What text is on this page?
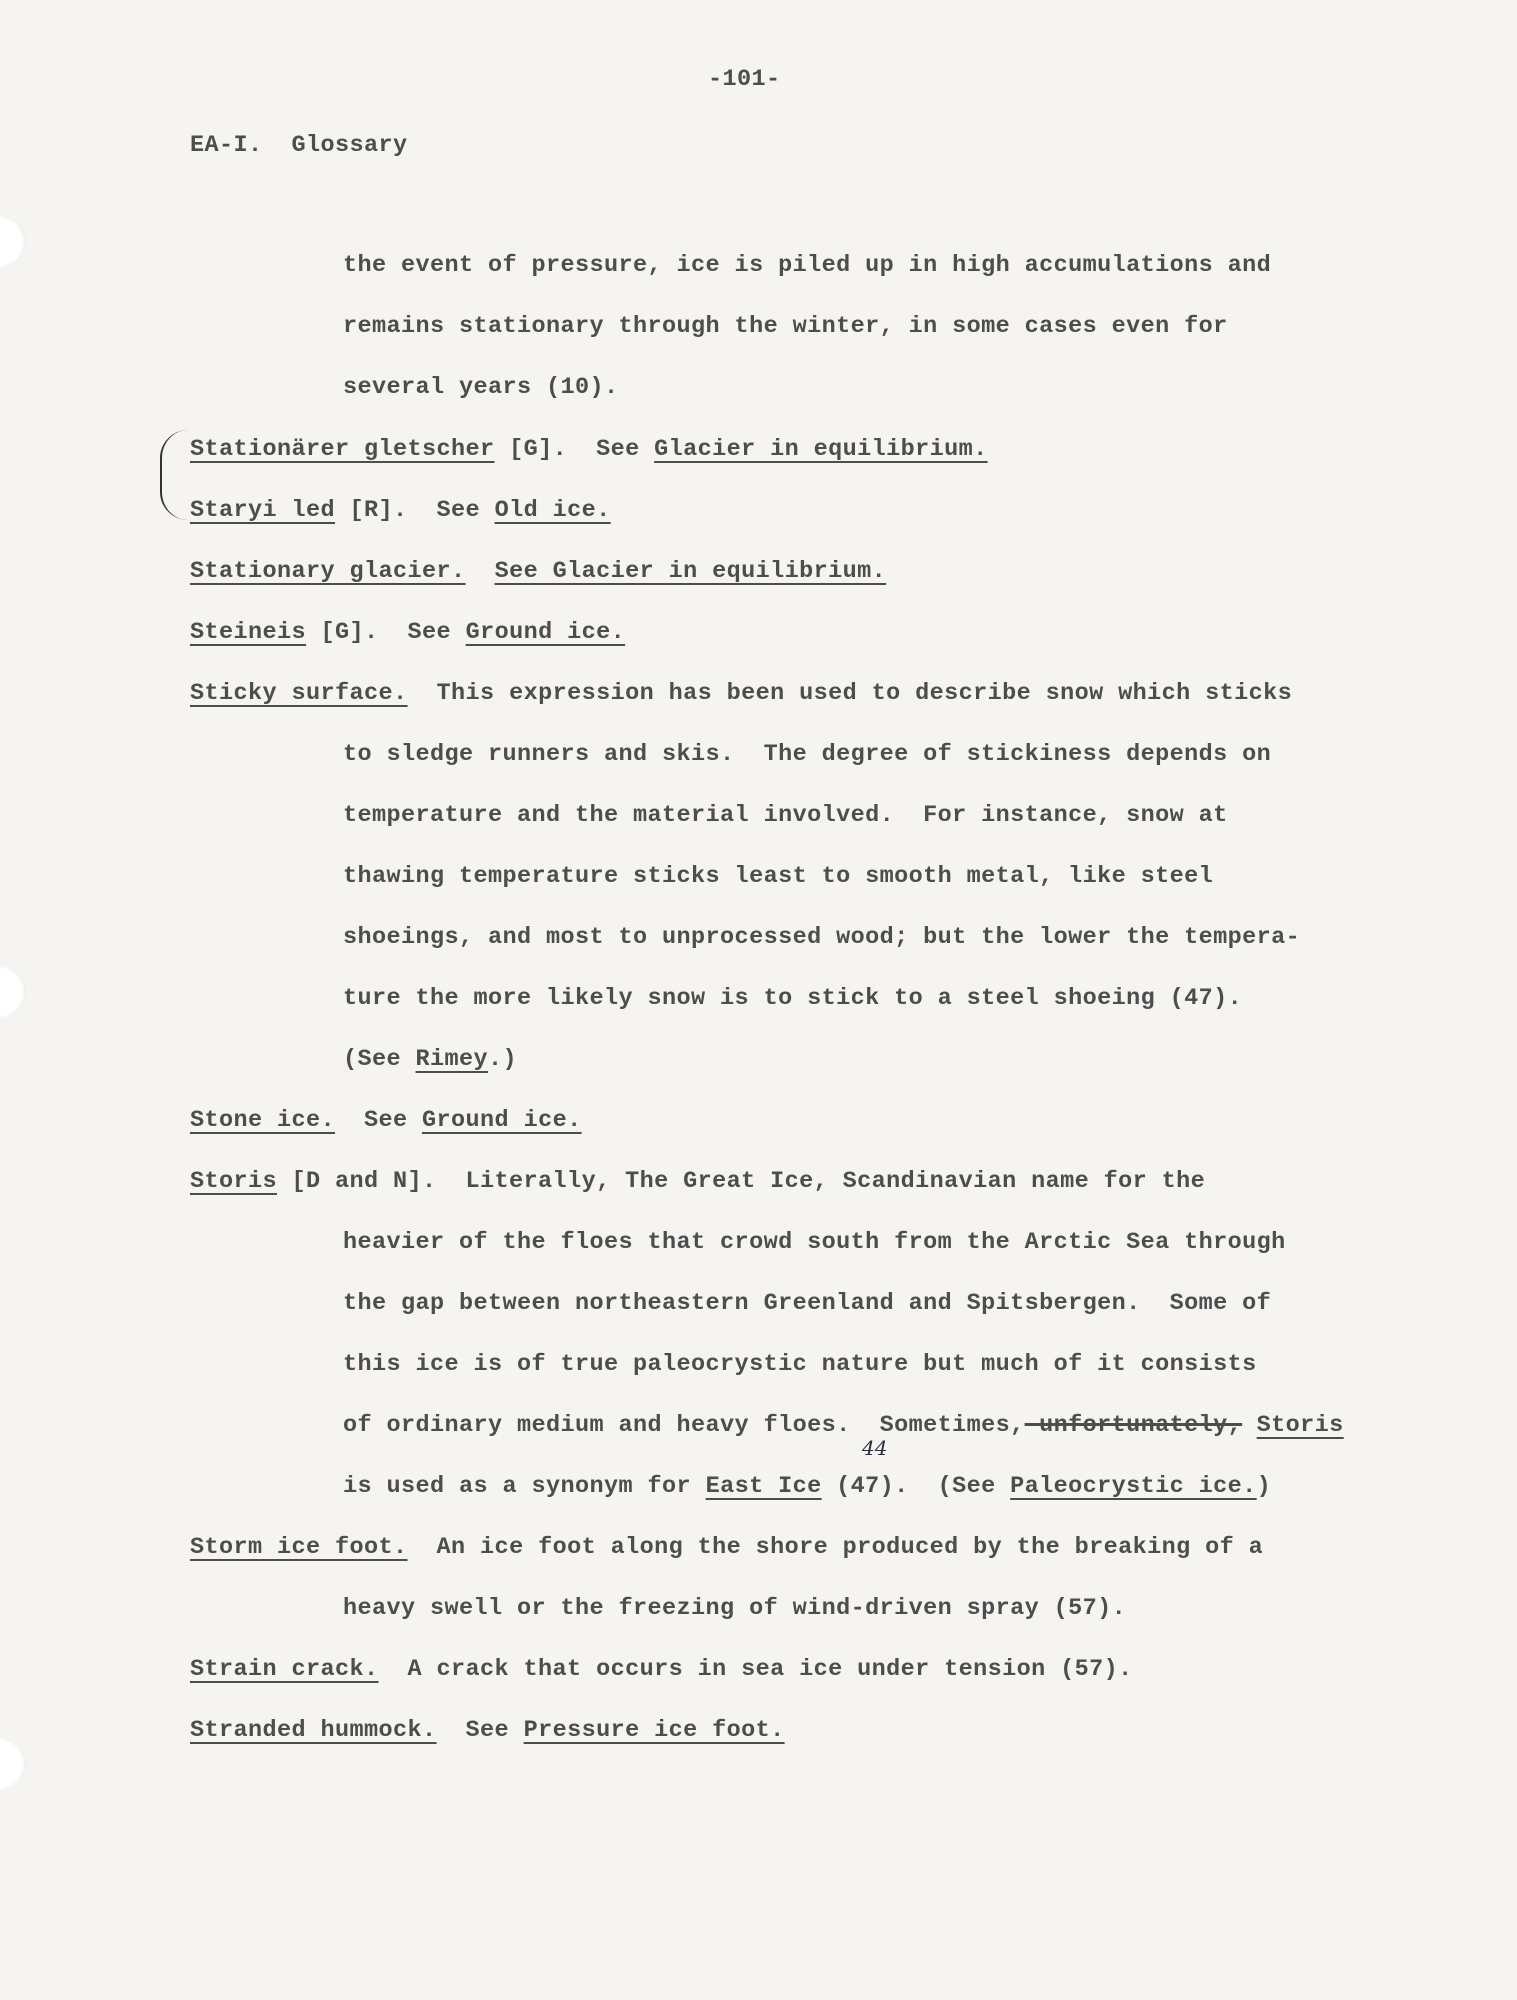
-101-
EA-I.  Glossary
the event of pressure, ice is piled up in high accumulations and
remains stationary through the winter, in some cases even for
several years (10).
Stationärer gletscher [G].  See Glacier in equilibrium.
Staryi led [R].  See Old ice.
Stationary glacier. See Glacier in equilibrium.
Steineis [G].  See Ground ice.
Sticky surface.  This expression has been used to describe snow which sticks
to sledge runners and skis.  The degree of stickiness depends on
temperature and the material involved.  For instance, snow at
thawing temperature sticks least to smooth metal, like steel
shoeings, and most to unprocessed wood; but the lower the tempera-
ture the more likely snow is to stick to a steel shoeing (47).
(See Rimey.)
Stone ice.  See Ground ice.
Storis [D and N].  Literally, The Great Ice, Scandinavian name for the
heavier of the floes that crowd south from the Arctic Sea through
the gap between northeastern Greenland and Spitsbergen.  Some of
this ice is of true paleocrystic nature but much of it consists
of ordinary medium and heavy floes.  Sometimes, unfortunately, Storis
44
is used as a synonym for East Ice (47).  (See Paleocrystic ice.)
Storm ice foot.  An ice foot along the shore produced by the breaking of a
heavy swell or the freezing of wind-driven spray (57).
Strain crack.  A crack that occurs in sea ice under tension (57).
Stranded hummock.  See Pressure ice foot.
